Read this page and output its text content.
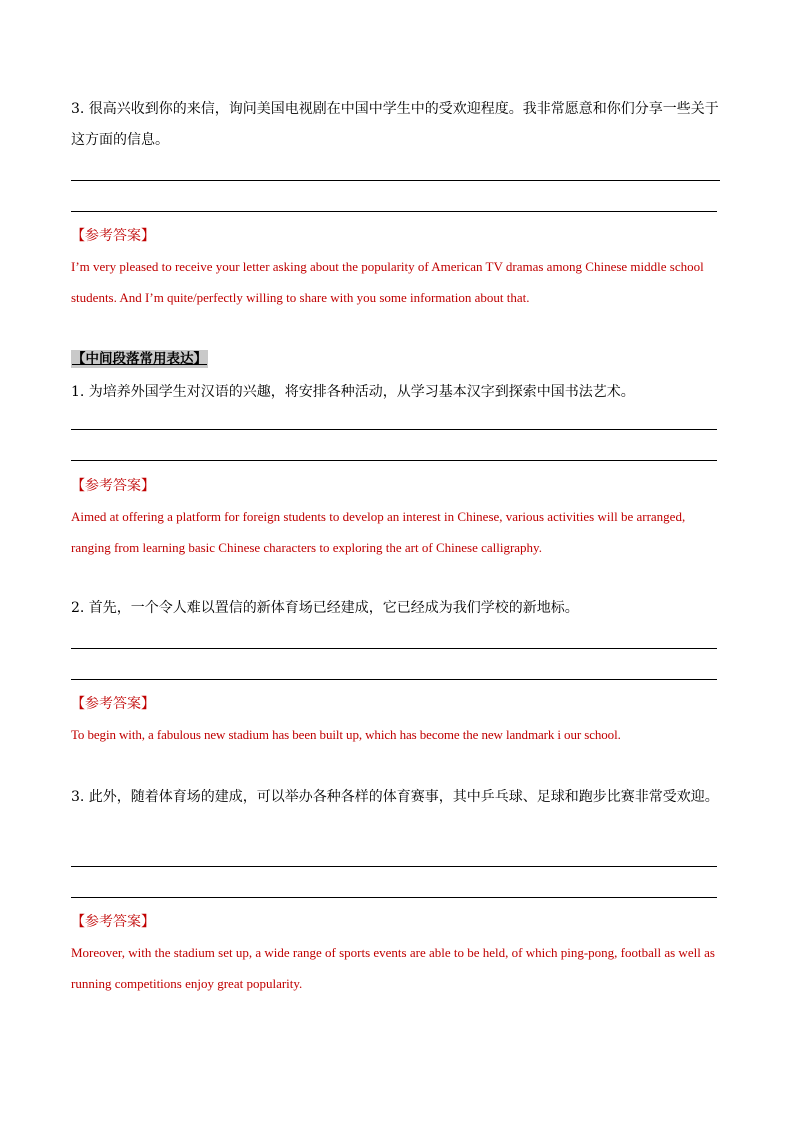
3. 很高兴收到你的来信，询问美国电视剧在中国中学生中的受欢迎程度。我非常愿意和你们分享一些关于这方面的信息。
【参考答案】
I’m very pleased to receive your letter asking about the popularity of American TV dramas among Chinese middle school students. And I’m quite/perfectly willing to share with you some information about that.
【中间段落常用表达】
1. 为培养外国学生对汉语的兴趣，将安排各种活动，从学习基本汉字到探索中国书法艺术。
【参考答案】
Aimed at offering a platform for foreign students to develop an interest in Chinese, various activities will be arranged, ranging from learning basic Chinese characters to exploring the art of Chinese calligraphy.
2. 首先，一个令人难以置信的新体育场已经建成，它已经成为我们学校的新地标。
【参考答案】
To begin with, a fabulous new stadium has been built up, which has become the new landmark i our school.
3. 此外，随着体育场的建成，可以举办各种各样的体育赛事，其中乒乓球、足球和跑步比赛非常受欢迎。
【参考答案】
Moreover, with the stadium set up, a wide range of sports events are able to be held, of which ping-pong, football as well as running competitions enjoy great popularity.
